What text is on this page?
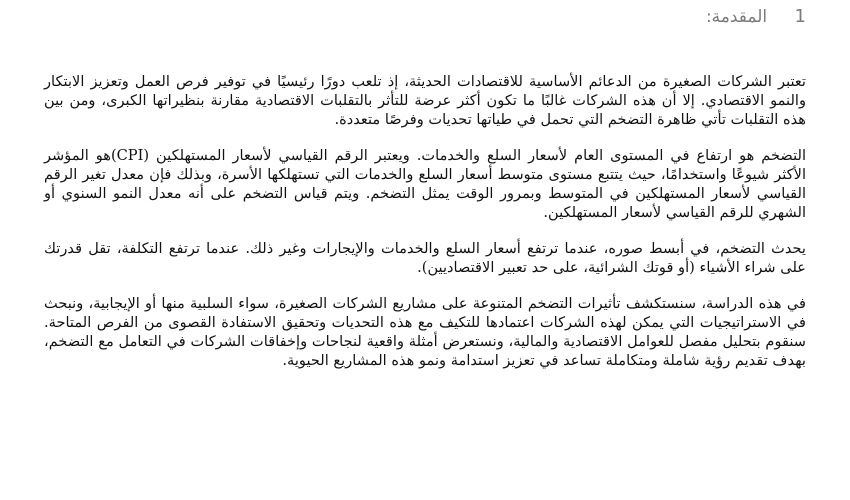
1 المقدمة:

تعتبر الشركات الصغيرة من الدعائم الأساسية للاقتصادات الحديثة، إذ تلعب دورًا رئيسيًا في توفير فرص العمل وتعزيز الابتكار والنمو الاقتصادي. إلا أن هذه الشركات غالبًا ما تكون أكثر عرضة للتأثر بالتقلبات الاقتصادية مقارنة بنظيراتها الكبرى، ومن بين هذه التقلبات تأتي ظاهرة التضخم التي تحمل في طياتها تحديات وفرصًا متعددة.

التضخم هو ارتفاع في المستوى العام لأسعار السلع والخدمات. ويعتبر الرقم القياسي لأسعار المستهلكين (CPI)هو المؤشر الأكثر شيوعًا واستخدامًا، حيث يتتبع مستوى متوسط أسعار السلع والخدمات التي تستهلكها الأسرة، وبذلك فإن معدل تغير الرقم القياسي لأسعار المستهلكين في المتوسط وبمرور الوقت يمثل التضخم. ويتم قياس التضخم على أنه معدل النمو السنوي أو الشهري للرقم القياسي لأسعار المستهلكين.

يحدث التضخم، في أبسط صوره، عندما ترتفع أسعار السلع والخدمات والإيجارات وغير ذلك. عندما ترتفع التكلفة، تقل قدرتك على شراء الأشياء (أو قوتك الشرائية، على حد تعبير الاقتصاديين).

في هذه الدراسة، سنستكشف تأثيرات التضخم المتنوعة على مشاريع الشركات الصغيرة، سواء السلبية منها أو الإيجابية، ونبحث في الاستراتيجيات التي يمكن لهذه الشركات اعتمادها للتكيف مع هذه التحديات وتحقيق الاستفادة القصوى من الفرص المتاحة. سنقوم بتحليل مفصل للعوامل الاقتصادية والمالية، ونستعرض أمثلة واقعية لنجاحات وإخفاقات الشركات في التعامل مع التضخم، بهدف تقديم رؤية شاملة ومتكاملة تساعد في تعزيز استدامة ونمو هذه المشاريع الحيوية.
